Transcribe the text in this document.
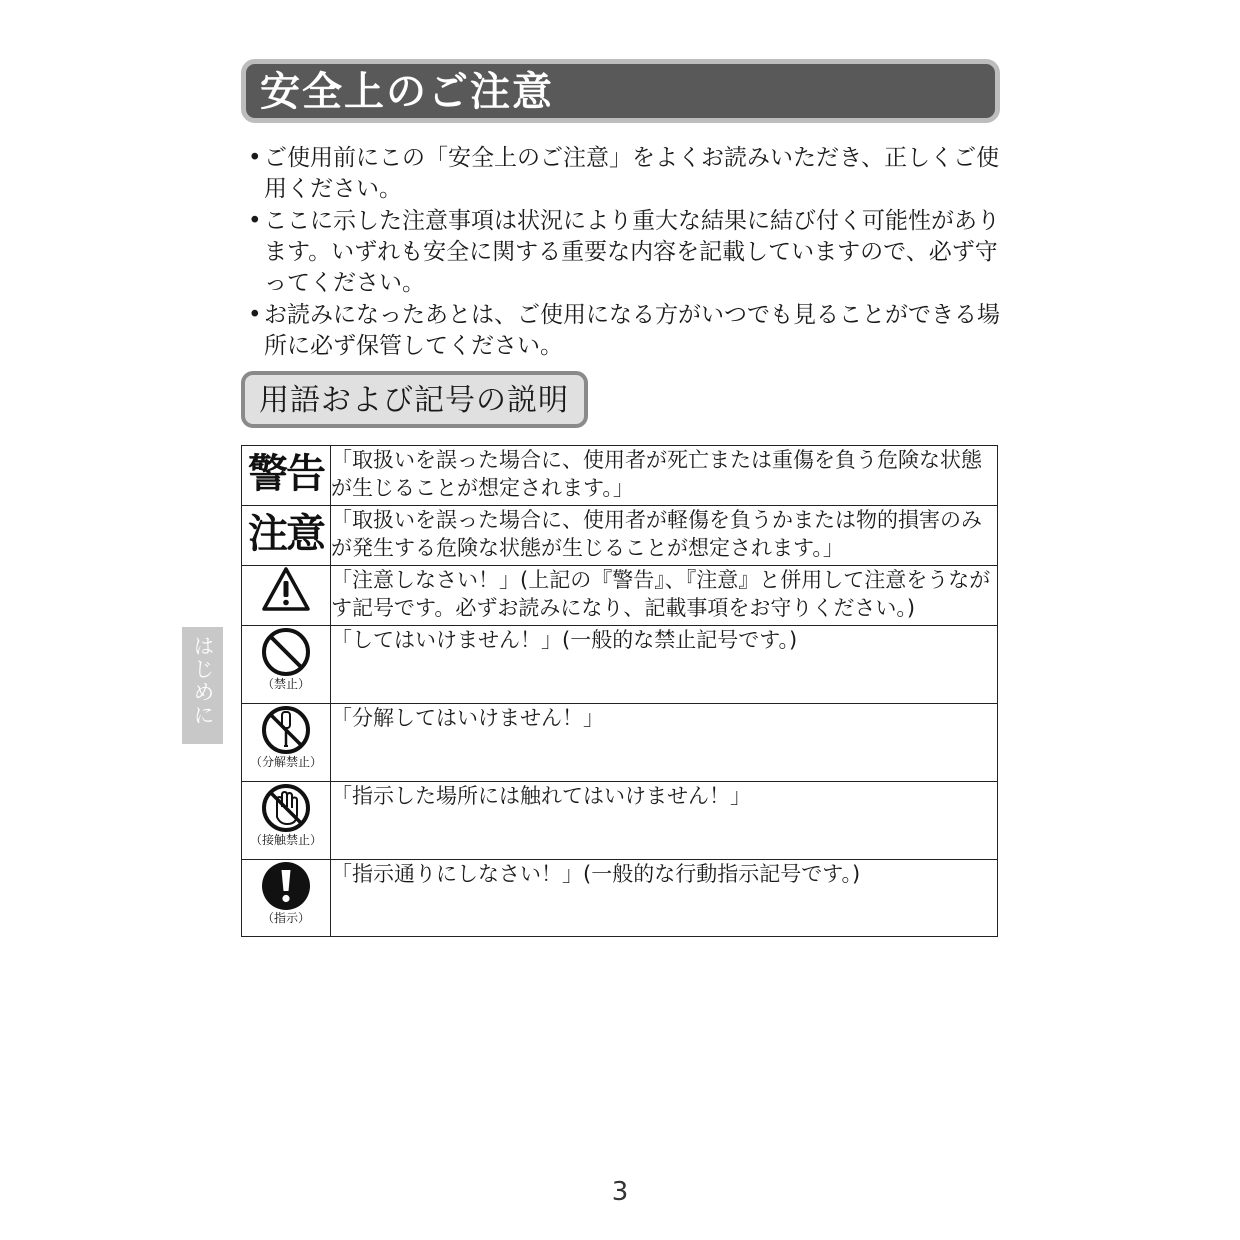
安全上のご注意
• ご使用前にこの「安全上のご注意」をよくお読みいただき、正しくご使用ください。
• ここに示した注意事項は状況により重大な結果に結び付く可能性があります。いずれも安全に関する重要な内容を記載していますので、必ず守ってください。
• お読みになったあとは、ご使用になる方がいつでも見ることができる場所に必ず保管してください。
用語および記号の説明
はじめに
警告	「取扱いを誤った場合に、使用者が死亡または重傷を負う危険な状態が生じることが想定されます。」

注意	「取扱いを誤った場合に、使用者が軽傷を負うかまたは物的損害のみが発生する危険な状態が生じることが想定されます。」
	「注意しなさい！」(上記の『警告』、『注意』と併用して注意をうながす記号です。必ずお読みになり、記載事項をお守りください。)

（禁止）	「してはいけません！」(一般的な禁止記号です。)

（分解禁止）	「分解してはいけません！」

（接触禁止）	「指示した場所には触れてはいけません！」

（指示）	「指示通りにしなさい！」(一般的な行動指示記号です。)
3
